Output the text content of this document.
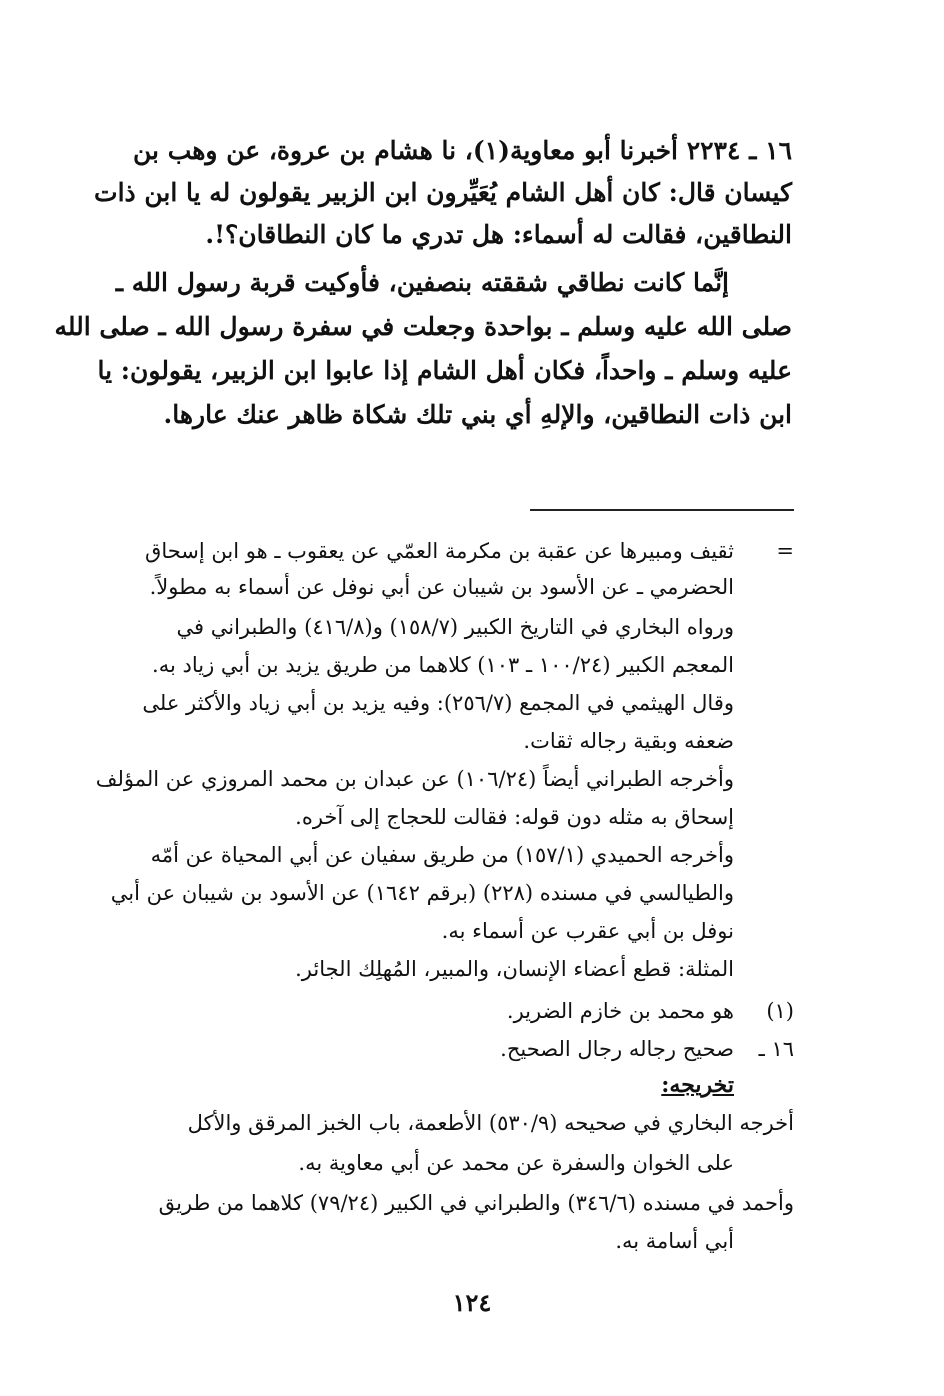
١٦ ـ ٢٢٣٤ أخبرنا أبو معاوية(١)، نا هشام بن عروة، عن وهب بن
كيسان قال: كان أهل الشام يُعَيِّرون ابن الزبير يقولون له يا ابن ذات
النطاقين، فقالت له أسماء: هل تدري ما كان النطاقان؟!.
إنَّما كانت نطاقي شققته بنصفين، فأوكيت قربة رسول الله ـ
صلى الله عليه وسلم ـ بواحدة وجعلت في سفرة رسول الله ـ صلى الله
عليه وسلم ـ واحداً، فكان أهل الشام إذا عابوا ابن الزبير، يقولون: يا
ابن ذات النطاقين، والإلهِ أي بني تلك شكاة ظاهر عنك عارها.
=
ثقيف ومبيرها عن عقبة بن مكرمة العمّي عن يعقوب ـ هو ابن إسحاق
الحضرمي ـ عن الأسود بن شيبان عن أبي نوفل عن أسماء به مطولاً.
ورواه البخاري في التاريخ الكبير (١٥٨/٧) و(٤١٦/٨) والطبراني في
المعجم الكبير (١٠٠/٢٤ ـ ١٠٣) كلاهما من طريق يزيد بن أبي زياد به.
وقال الهيثمي في المجمع (٢٥٦/٧): وفيه يزيد بن أبي زياد والأكثر على
ضعفه وبقية رجاله ثقات.
وأخرجه الطبراني أيضاً (١٠٦/٢٤) عن عبدان بن محمد المروزي عن المؤلف
إسحاق به مثله دون قوله: فقالت للحجاج إلى آخره.
وأخرجه الحميدي (١٥٧/١) من طريق سفيان عن أبي المحياة عن أمّه
والطيالسي في مسنده (٢٢٨) (برقم ١٦٤٢) عن الأسود بن شيبان عن أبي
نوفل بن أبي عقرب عن أسماء به.
المثلة: قطع أعضاء الإنسان، والمبير، المُهلِك الجائر.
(١)
هو محمد بن خازم الضرير.
١٦ ـ
صحيح رجاله رجال الصحيح.
تخريجه:
أخرجه البخاري في صحيحه (٥٣٠/٩) الأطعمة، باب الخبز المرقق والأكل
على الخوان والسفرة عن محمد عن أبي معاوية به.
وأحمد في مسنده (٣٤٦/٦) والطبراني في الكبير (٧٩/٢٤) كلاهما من طريق
أبي أسامة به.
١٢٤
